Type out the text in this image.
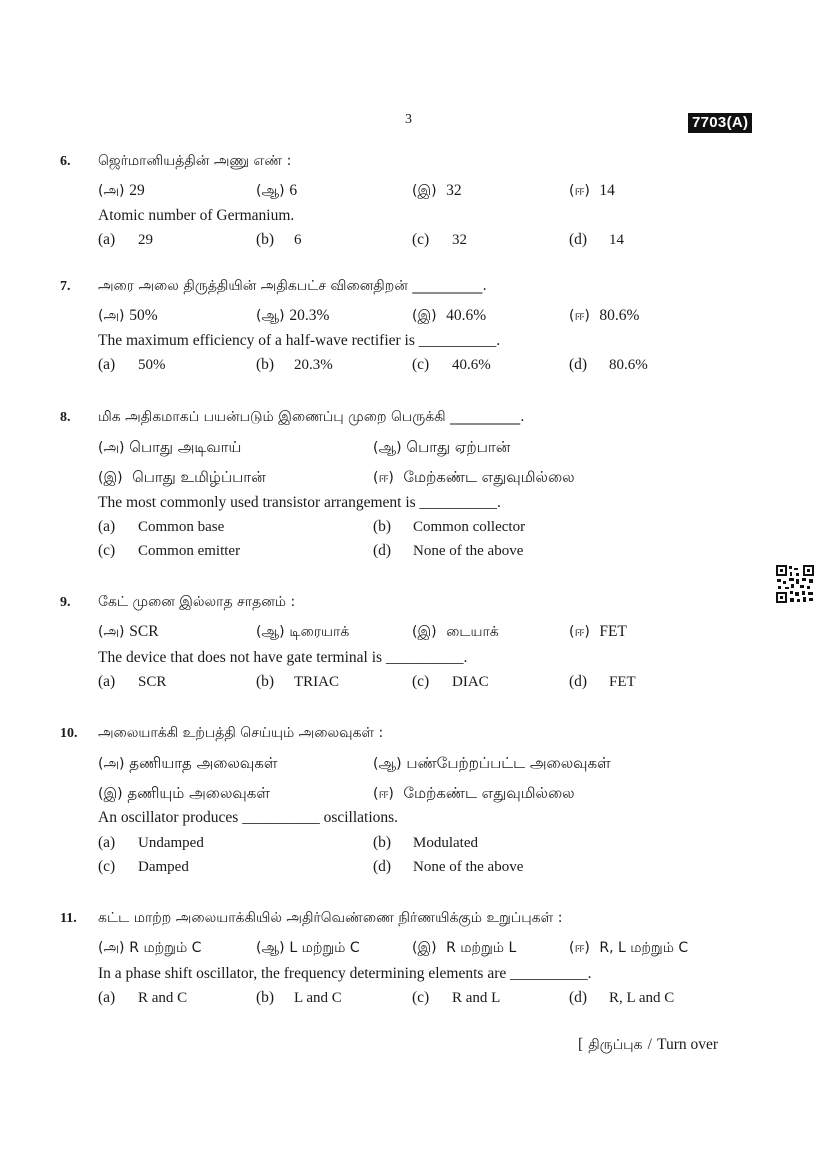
3	7703(A)
6. ஜெர்மானியத்தின் அணு எண் :
(அ) 29	(ஆ) 6	(இ) 32	(ஈ) 14
Atomic number of Germanium.
(a) 29	(b) 6	(c) 32	(d) 14
7. அரை அலை திருத்தியின் அதிகபட்ச வினைதிறன் __________.
(அ) 50%	(ஆ) 20.3%	(இ) 40.6%	(ஈ) 80.6%
The maximum efficiency of a half-wave rectifier is __________.
(a) 50%	(b) 20.3%	(c) 40.6%	(d) 80.6%
8. மிக அதிகமாகப் பயன்படும் இணைப்பு முறை பெருக்கி __________.
(அ) பொது அடிவாய்	(ஆ) பொது ஏற்பான்
(இ) பொது உமிழ்ப்பான்	(ஈ) மேற்கண்ட எதுவுமில்லை
The most commonly used transistor arrangement is __________.
(a) Common base	(b) Common collector
(c) Common emitter	(d) None of the above
9. கேட் முனை இல்லாத சாதனம் :
(அ) SCR	(ஆ) டிரையாக்	(இ) டையாக்	(ஈ) FET
The device that does not have gate terminal is __________.
(a) SCR	(b) TRIAC	(c) DIAC	(d) FET
10. அலையாக்கி உற்பத்தி செய்யும் அலைவுகள் :
(அ) தணியாத அலைவுகள்	(ஆ) பண்பேற்றப்பட்ட அலைவுகள்
(இ) தணியும் அலைவுகள்	(ஈ) மேற்கண்ட எதுவுமில்லை
An oscillator produces __________ oscillations.
(a) Undamped	(b) Modulated
(c) Damped	(d) None of the above
11. கட்ட மாற்ற அலையாக்கியில் அதிர்வெண்ணை நிர்ணயிக்கும் உறுப்புகள் :
(அ) R மற்றும் C	(ஆ) L மற்றும் C	(இ) R மற்றும் L	(ஈ) R, L மற்றும் C
In a phase shift oscillator, the frequency determining elements are __________.
(a) R and C	(b) L and C	(c) R and L	(d) R, L and C
[ திருப்புக / Turn over
